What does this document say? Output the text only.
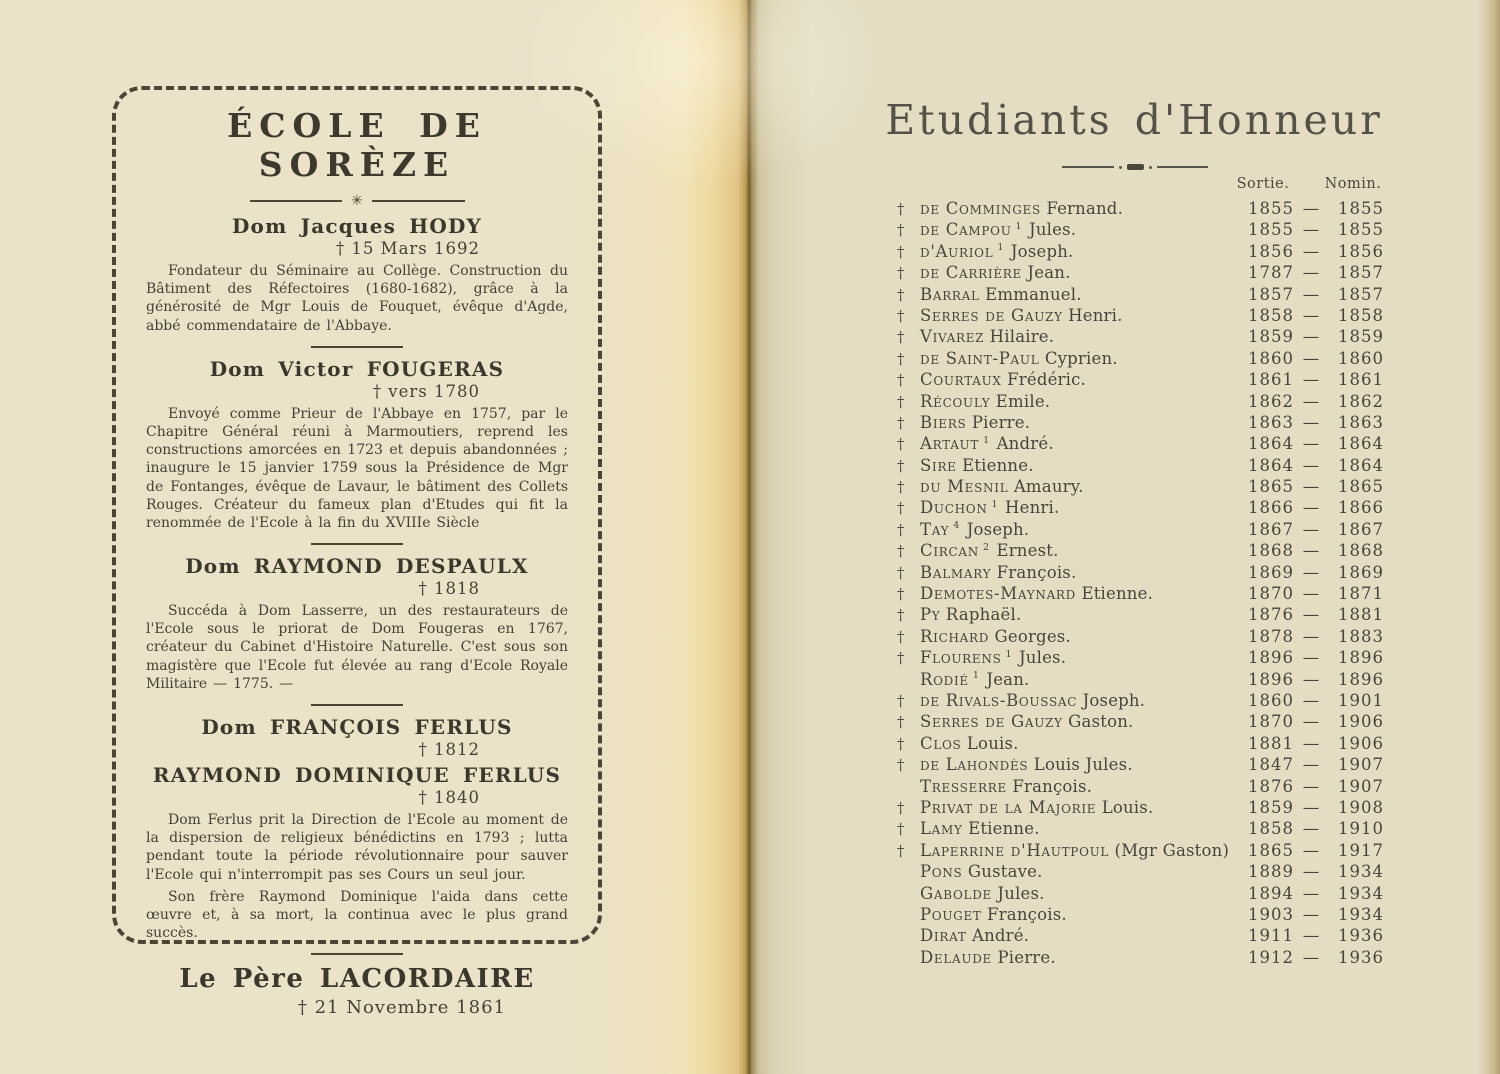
ÉCOLE DE SORÈZE
✳
Dom Jacques HODY
† 15 Mars 1692

Fondateur du Séminaire au Collège. Construction du Bâtiment des Réfectoires (1680-1682), grâce à la générosité de Mgr Louis de Fouquet, évêque d'Agde, abbé commendataire de l'Abbaye.

Dom Victor FOUGERAS
† vers 1780

Envoyé comme Prieur de l'Abbaye en 1757, par le Chapitre Général réuni à Marmoutiers, reprend les constructions amorcées en 1723 et depuis abandonnées ; inaugure le 15 janvier 1759 sous la Présidence de Mgr de Fontanges, évêque de Lavaur, le bâtiment des Collets Rouges. Créateur du fameux plan d'Etudes qui fit la renommée de l'Ecole à la fin du XVIIIe Siècle

Dom RAYMOND DESPAULX
† 1818

Succéda à Dom Lasserre, un des restaurateurs de l'Ecole sous le priorat de Dom Fougeras en 1767, créateur du Cabinet d'Histoire Naturelle. C'est sous son magistère que l'Ecole fut élevée au rang d'Ecole Royale Militaire — 1775. —

Dom FRANÇOIS FERLUS
† 1812
RAYMOND DOMINIQUE FERLUS
† 1840

Dom Ferlus prit la Direction de l'Ecole au moment de la dispersion de religieux bénédictins en 1793 ; lutta pendant toute la période révolutionnaire pour sauver l'Ecole qui n'interrompit pas ses Cours un seul jour.

Son frère Raymond Dominique l'aida dans cette œuvre et, à sa mort, la continua avec le plus grand succès.

Le Père LACORDAIRE
† 21 Novembre 1861
Etudiants d'Honneur
Sortie.	Nomin.
† de Comminges Fernand.	1855 —	1855
† de Campou $^1$ Jules.	1855 —	1855
† d'Auriol $^1$ Joseph.	1856 —	1856
† de Carrière Jean.	1787 —	1857
† Barral Emmanuel.	1857 —	1857
† Serres de Gauzy Henri.	1858 —	1858
† Vivarez Hilaire.	1859 —	1859
† de Saint-Paul Cyprien.	1860 —	1860
† Courtaux Frédéric.	1861 —	1861
† Récouly Emile.	1862 —	1862
† Biers Pierre.	1863 —	1863
† Artaut $^1$ André.	1864 —	1864
† Sire Etienne.	1864 —	1864
† du Mesnil Amaury.	1865 —	1865
† Duchon $^1$ Henri.	1866 —	1866
† Tay $^4$ Joseph.	1867 —	1867
† Circan $^2$ Ernest.	1868 —	1868
† Balmary François.	1869 —	1869
† Demotes-Maynard Etienne.	1870 —	1871
† Py Raphaël.	1876 —	1881
† Richard Georges.	1878 —	1883
† Flourens $^1$ Jules.	1896 —	1896
Rodié $^1$ Jean.	1896 —	1896
† de Rivals-Boussac Joseph.	1860 —	1901
† Serres de Gauzy Gaston.	1870 —	1906
† Clos Louis.	1881 —	1906
† de Lahondès Louis Jules.	1847 —	1907
Tresserre François.	1876 —	1907
† Privat de la Majorie Louis.	1859 —	1908
† Lamy Etienne.	1858 —	1910
† Laperrine d'Hautpoul (Mgr Gaston)	1865 —	1917
Pons Gustave.	1889 —	1934
Gabolde Jules.	1894 —	1934
Pouget François.	1903 —	1934
Dirat André.	1911 —	1936
Delaude Pierre.	1912 —	1936
